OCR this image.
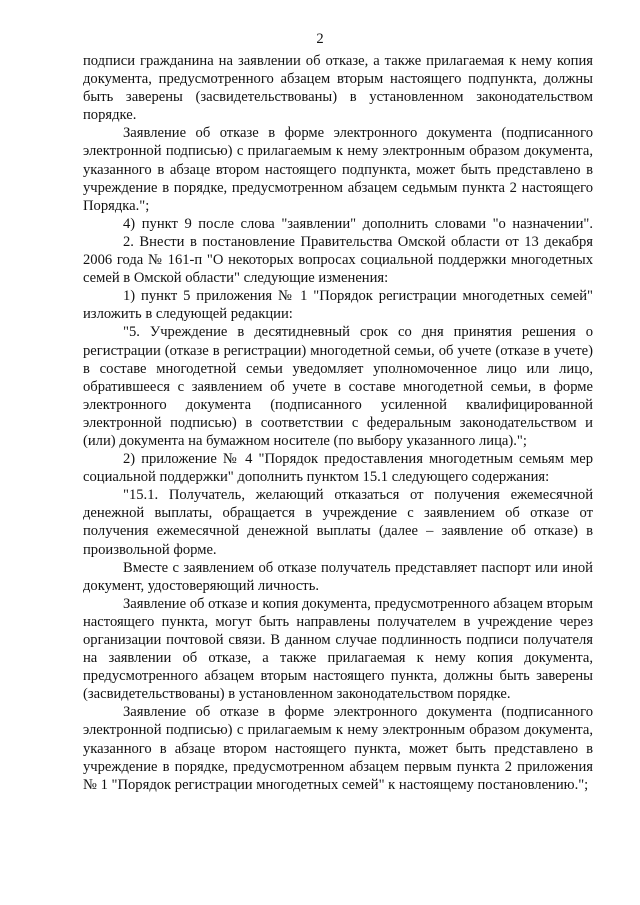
2

подписи гражданина на заявлении об отказе, а также прилагаемая к нему копия документа, предусмотренного абзацем вторым настоящего подпункта, должны быть заверены (засвидетельствованы) в установленном законодательством порядке.

Заявление об отказе в форме электронного документа (подписанного электронной подписью) с прилагаемым к нему электронным образом документа, указанного в абзаце втором настоящего подпункта, может быть представлено в учреждение в порядке, предусмотренном абзацем седьмым пункта 2 настоящего Порядка.";

4) пункт 9 после слова "заявлении" дополнить словами "о назначении".

2. Внести в постановление Правительства Омской области от 13 декабря 2006 года № 161-п "О некоторых вопросах социальной поддержки многодетных семей в Омской области" следующие изменения:

1) пункт 5 приложения № 1 "Порядок регистрации многодетных семей" изложить в следующей редакции:

"5. Учреждение в десятидневный срок со дня принятия решения о регистрации (отказе в регистрации) многодетной семьи, об учете (отказе в учете) в составе многодетной семьи уведомляет уполномоченное лицо или лицо, обратившееся с заявлением об учете в составе многодетной семьи, в форме электронного документа (подписанного усиленной квалифицированной электронной подписью) в соответствии с федеральным законодательством и (или) документа на бумажном носителе (по выбору указанного лица).";

2) приложение № 4 "Порядок предоставления многодетным семьям мер социальной поддержки" дополнить пунктом 15.1 следующего содержания:

"15.1. Получатель, желающий отказаться от получения ежемесячной денежной выплаты, обращается в учреждение с заявлением об отказе от получения ежемесячной денежной выплаты (далее – заявление об отказе) в произвольной форме.

Вместе с заявлением об отказе получатель представляет паспорт или иной документ, удостоверяющий личность.

Заявление об отказе и копия документа, предусмотренного абзацем вторым настоящего пункта, могут быть направлены получателем в учреждение через организации почтовой связи. В данном случае подлинность подписи получателя на заявлении об отказе, а также прилагаемая к нему копия документа, предусмотренного абзацем вторым настоящего пункта, должны быть заверены (засвидетельствованы) в установленном законодательством порядке.

Заявление об отказе в форме электронного документа (подписанного электронной подписью) с прилагаемым к нему электронным образом документа, указанного в абзаце втором настоящего пункта, может быть представлено в учреждение в порядке, предусмотренном абзацем первым пункта 2 приложения № 1 "Порядок регистрации многодетных семей" к настоящему постановлению.";
